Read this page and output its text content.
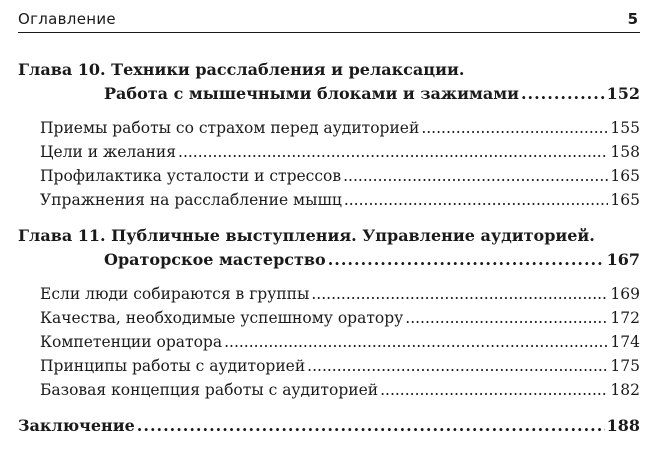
Оглавление	5
Глава 10. Техники расслабления и релаксации.
Работа с мышечными блоками и зажимами .....	152
Приемы работы со страхом перед аудиторией .....	155
Цели и желания .....	158
Профилактика усталости и стрессов .....	165
Упражнения на расслабление мышц .....	165
Глава 11. Публичные выступления. Управление аудиторией.
Ораторское мастерство .....	167
Если люди собираются в группы .....	169
Качества, необходимые успешному оратору .....	172
Компетенции оратора .....	174
Принципы работы с аудиторией .....	175
Базовая концепция работы с аудиторией .....	182
Заключение .....	188
